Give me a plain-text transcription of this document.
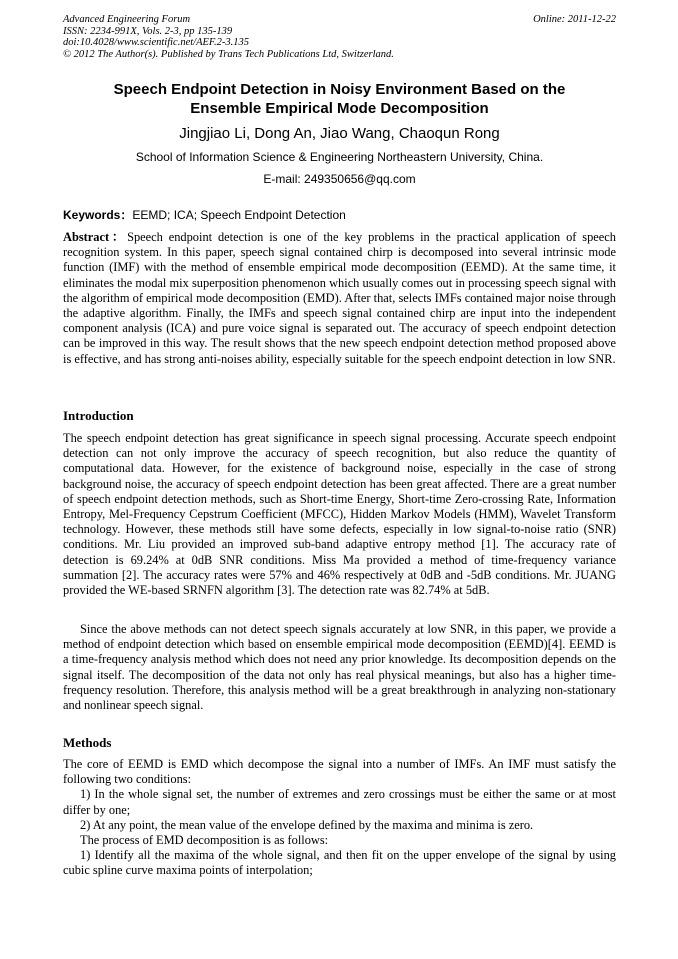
Advanced Engineering Forum	Online: 2011-12-22
ISSN: 2234-991X, Vols. 2-3, pp 135-139
doi:10.4028/www.scientific.net/AEF.2-3.135
© 2012 The Author(s). Published by Trans Tech Publications Ltd, Switzerland.
Speech Endpoint Detection in Noisy Environment Based on the
Ensemble Empirical Mode Decomposition
Jingjiao Li, Dong An, Jiao Wang, Chaoqun Rong
School of Information Science & Engineering Northeastern University, China.
E-mail: 249350656@qq.com
Keywords：EEMD; ICA; Speech Endpoint Detection
Abstract：Speech endpoint detection is one of the key problems in the practical application of speech recognition system. In this paper, speech signal contained chirp is decomposed into several intrinsic mode function (IMF) with the method of ensemble empirical mode decomposition (EEMD). At the same time, it eliminates the modal mix superposition phenomenon which usually comes out in processing speech signal with the algorithm of empirical mode decomposition (EMD). After that, selects IMFs contained major noise through the adaptive algorithm. Finally, the IMFs and speech signal contained chirp are input into the independent component analysis (ICA) and pure voice signal is separated out. The accuracy of speech endpoint detection can be improved in this way. The result shows that the new speech endpoint detection method proposed above is effective, and has strong anti-noises ability, especially suitable for the speech endpoint detection in low SNR.
Introduction
The speech endpoint detection has great significance in speech signal processing. Accurate speech endpoint detection can not only improve the accuracy of speech recognition, but also reduce the quantity of computational data. However, for the existence of background noise, especially in the case of strong background noise, the accuracy of speech endpoint detection has been great affected. There are a great number of speech endpoint detection methods, such as Short-time Energy, Short-time Zero-crossing Rate, Information Entropy, Mel-Frequency Cepstrum Coefficient (MFCC), Hidden Markov Models (HMM), Wavelet Transform technology. However, these methods still have some defects, especially in low signal-to-noise ratio (SNR) conditions. Mr. Liu provided an improved sub-band adaptive entropy method [1]. The accuracy rate of detection is 69.24% at 0dB SNR conditions. Miss Ma provided a method of time-frequency variance summation [2]. The accuracy rates were 57% and 46% respectively at 0dB and -5dB conditions. Mr. JUANG provided the WE-based SRNFN algorithm [3]. The detection rate was 82.74% at 5dB.
Since the above methods can not detect speech signals accurately at low SNR, in this paper, we provide a method of endpoint detection which based on ensemble empirical mode decomposition (EEMD)[4]. EEMD is a time-frequency analysis method which does not need any prior knowledge. Its decomposition depends on the signal itself. The decomposition of the data not only has real physical meanings, but also has a higher time-frequency resolution. Therefore, this analysis method will be a great breakthrough in analyzing non-stationary and nonlinear speech signal.
Methods
The core of EEMD is EMD which decompose the signal into a number of IMFs. An IMF must satisfy the following two conditions:
1) In the whole signal set, the number of extremes and zero crossings must be either the same or at most differ by one;
2) At any point, the mean value of the envelope defined by the maxima and minima is zero.
The process of EMD decomposition is as follows:
1) Identify all the maxima of the whole signal, and then fit on the upper envelope of the signal by using cubic spline curve maxima points of interpolation;
